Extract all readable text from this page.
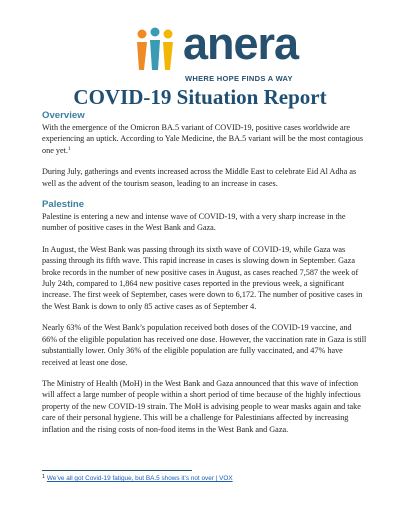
anera
WHERE HOPE FINDS A WAY
COVID-19 Situation Report
Overview

With the emergence of the Omicron BA.5 variant of COVID-19, positive cases worldwide are experiencing an uptick. According to Yale Medicine, the BA.5 variant will be the most contagious one yet.$^1$

During July, gatherings and events increased across the Middle East to celebrate Eid Al Adha as well as the advent of the tourism season, leading to an increase in cases.

Palestine

Palestine is entering a new and intense wave of COVID-19, with a very sharp increase in the number of positive cases in the West Bank and Gaza.

In August, the West Bank was passing through its sixth wave of COVID-19, while Gaza was passing through its fifth wave. This rapid increase in cases is slowing down in September. Gaza broke records in the number of new positive cases in August, as cases reached 7,587 the week of July 24th, compared to 1,864 new positive cases reported in the previous week, a significant increase. The first week of September, cases were down to 6,172. The number of positive cases in the West Bank is down to only 85 active cases as of September 4.

Nearly 63% of the West Bank’s population received both doses of the COVID-19 vaccine, and 66% of the eligible population has received one dose. However, the vaccination rate in Gaza is still substantially lower. Only 36% of the eligible population are fully vaccinated, and 47% have received at least one dose.

The Ministry of Health (MoH) in the West Bank and Gaza announced that this wave of infection will affect a large number of people within a short period of time because of the highly infectious property of the new COVID-19 strain. The MoH is advising people to wear masks again and take care of their personal hygiene. This will be a challenge for Palestinians affected by increasing inflation and the rising costs of non-food items in the West Bank and Gaza.

$^1$ We’ve all got Covid-19 fatigue, but BA.5 shows it’s not over | VOX
